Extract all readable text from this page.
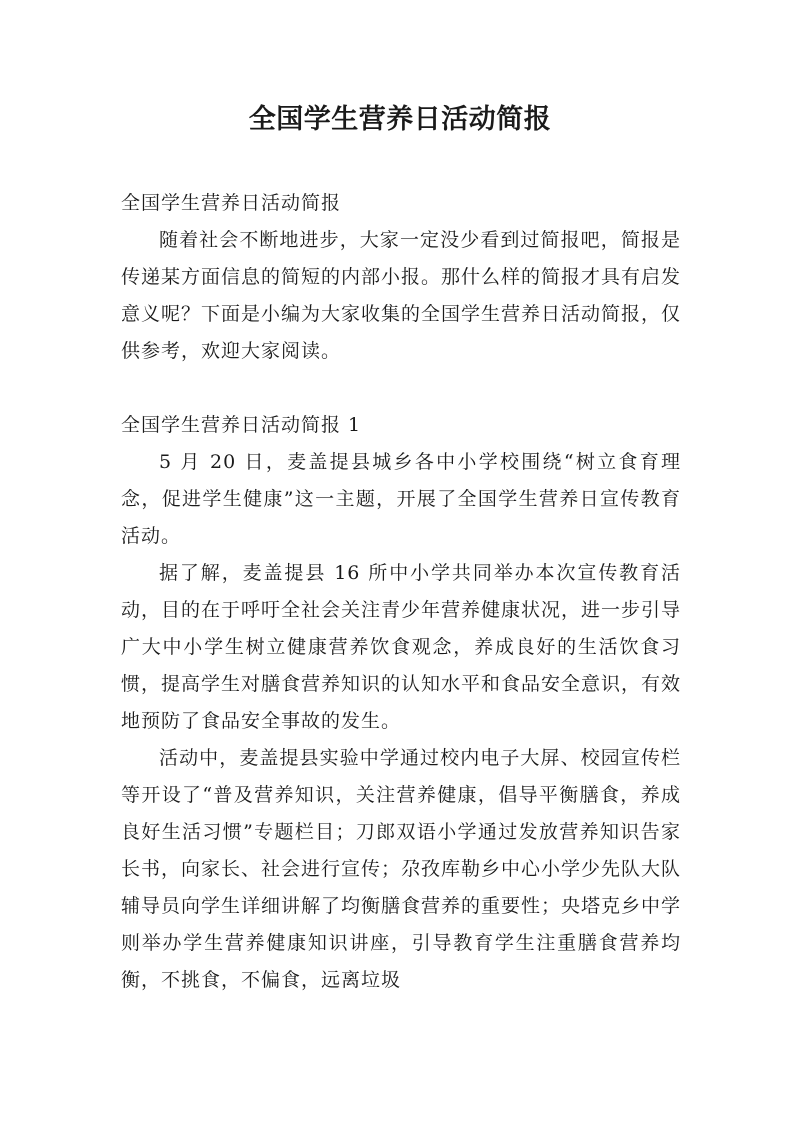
全国学生营养日活动简报

全国学生营养日活动简报

随着社会不断地进步，大家一定没少看到过简报吧，简报是传递某方面信息的简短的内部小报。那什么样的简报才具有启发意义呢？下面是小编为大家收集的全国学生营养日活动简报，仅供参考，欢迎大家阅读。

全国学生营养日活动简报 1

5 月 20 日，麦盖提县城乡各中小学校围绕“树立食育理念，促进学生健康”这一主题，开展了全国学生营养日宣传教育活动。

据了解，麦盖提县 16 所中小学共同举办本次宣传教育活动，目的在于呼吁全社会关注青少年营养健康状况，进一步引导广大中小学生树立健康营养饮食观念，养成良好的生活饮食习惯，提高学生对膳食营养知识的认知水平和食品安全意识，有效地预防了食品安全事故的发生。

活动中，麦盖提县实验中学通过校内电子大屏、校园宣传栏等开设了“普及营养知识，关注营养健康，倡导平衡膳食，养成良好生活习惯”专题栏目；刀郎双语小学通过发放营养知识告家长书，向家长、社会进行宣传；尕孜库勒乡中心小学少先队大队辅导员向学生详细讲解了均衡膳食营养的重要性；央塔克乡中学则举办学生营养健康知识讲座，引导教育学生注重膳食营养均衡，不挑食，不偏食，远离垃圾
